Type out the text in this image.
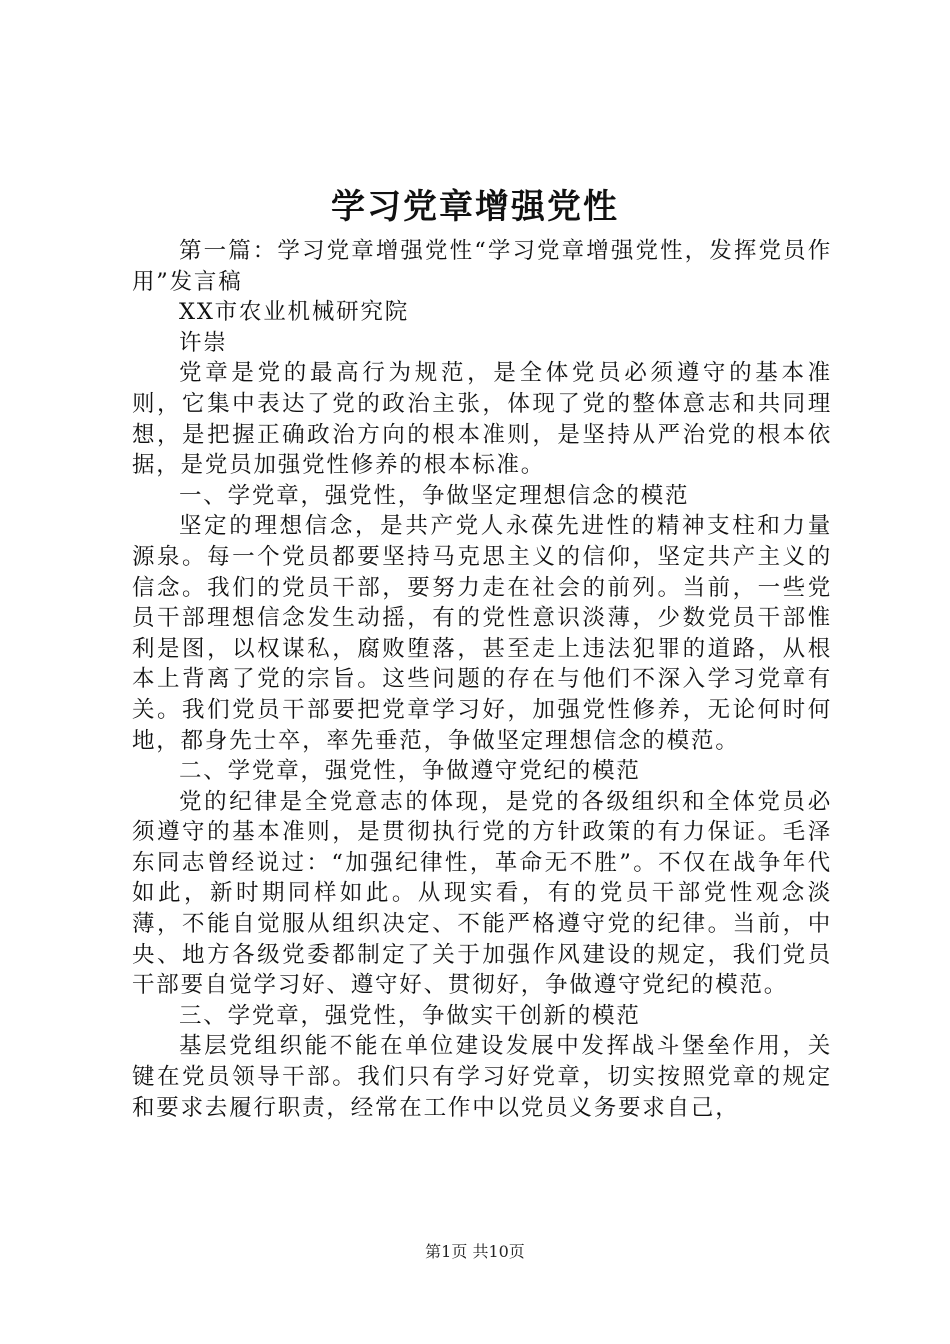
学习党章增强党性

第一篇：学习党章增强党性“学习党章增强党性，发挥党员作用”发言稿

XX市农业机械研究院

许崇

党章是党的最高行为规范，是全体党员必须遵守的基本准则，它集中表达了党的政治主张，体现了党的整体意志和共同理想，是把握正确政治方向的根本准则，是坚持从严治党的根本依据，是党员加强党性修养的根本标准。

一、学党章，强党性，争做坚定理想信念的模范

坚定的理想信念，是共产党人永葆先进性的精神支柱和力量源泉。每一个党员都要坚持马克思主义的信仰，坚定共产主义的信念。我们的党员干部，要努力走在社会的前列。当前，一些党员干部理想信念发生动摇，有的党性意识淡薄，少数党员干部惟利是图，以权谋私，腐败堕落，甚至走上违法犯罪的道路，从根本上背离了党的宗旨。这些问题的存在与他们不深入学习党章有关。我们党员干部要把党章学习好，加强党性修养，无论何时何地，都身先士卒，率先垂范，争做坚定理想信念的模范。

二、学党章，强党性，争做遵守党纪的模范

党的纪律是全党意志的体现，是党的各级组织和全体党员必须遵守的基本准则，是贯彻执行党的方针政策的有力保证。毛泽东同志曾经说过：“加强纪律性，革命无不胜”。不仅在战争年代如此，新时期同样如此。从现实看，有的党员干部党性观念淡薄，不能自觉服从组织决定、不能严格遵守党的纪律。当前，中央、地方各级党委都制定了关于加强作风建设的规定，我们党员干部要自觉学习好、遵守好、贯彻好，争做遵守党纪的模范。

三、学党章，强党性，争做实干创新的模范

基层党组织能不能在单位建设发展中发挥战斗堡垒作用，关键在党员领导干部。我们只有学习好党章，切实按照党章的规定和要求去履行职责，经常在工作中以党员义务要求自己，

第1页 共10页
